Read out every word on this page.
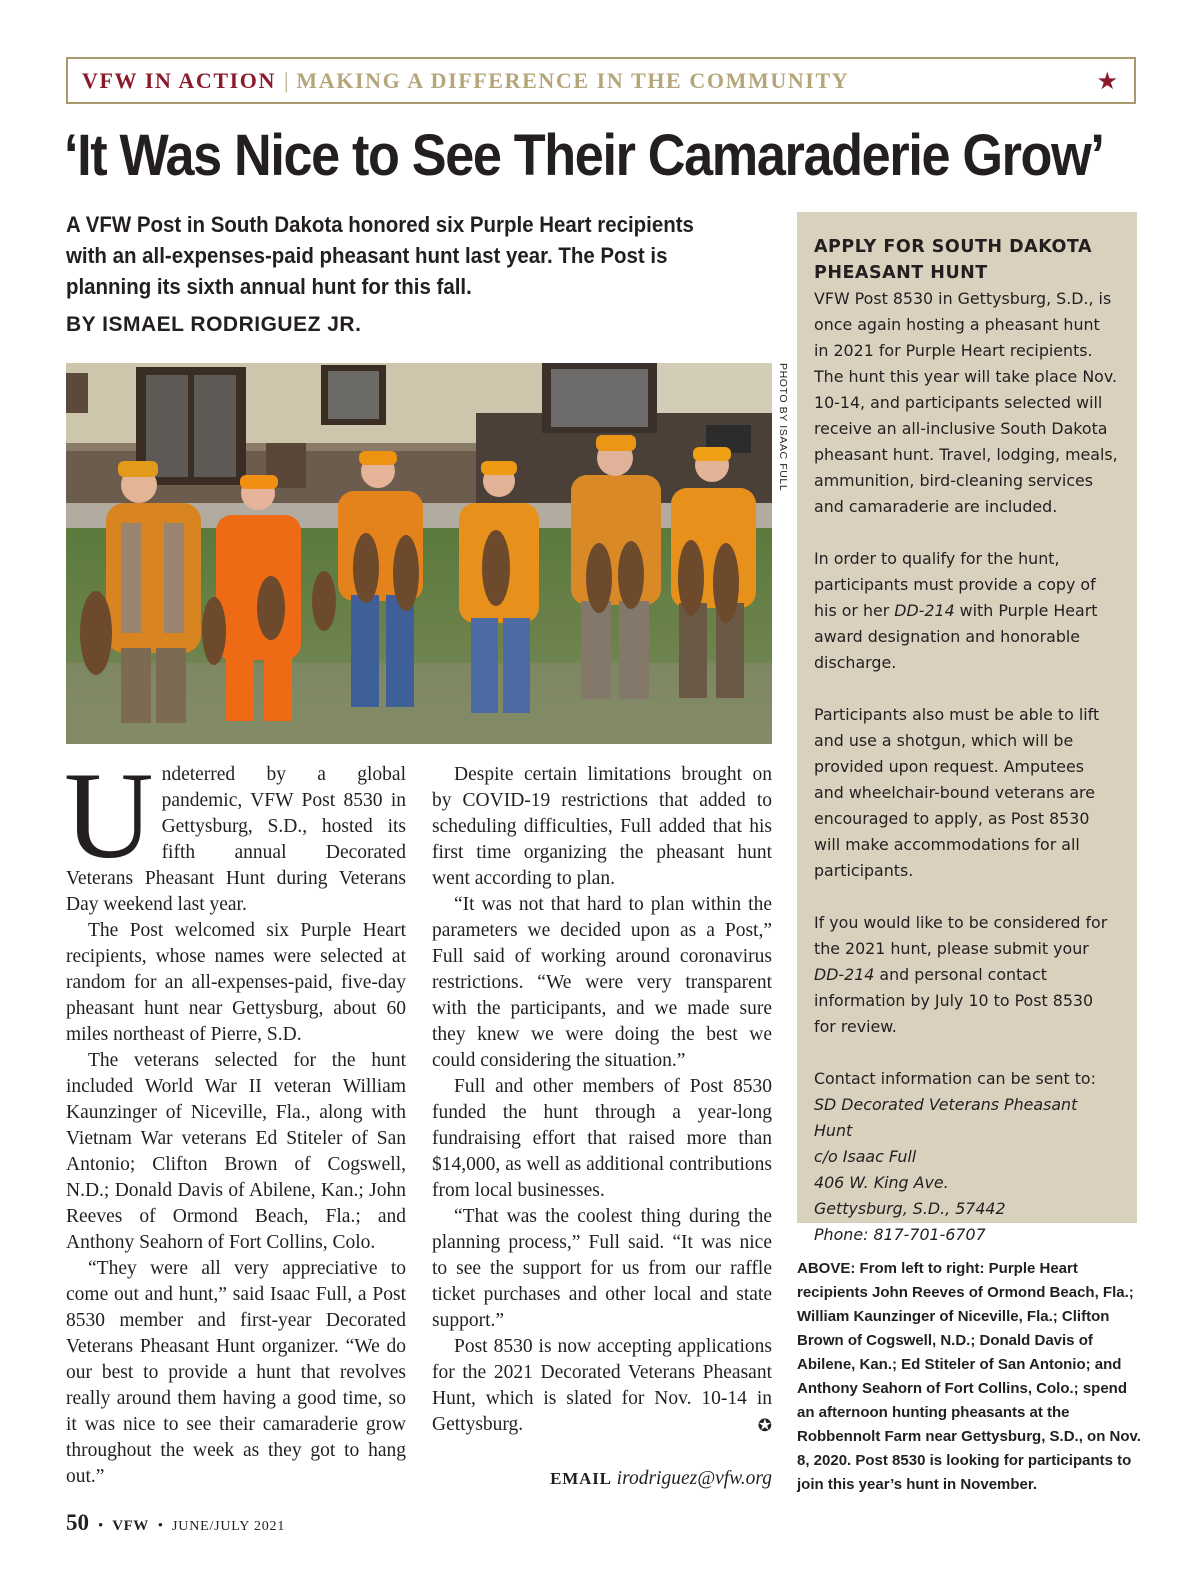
VFW IN ACTION | MAKING A DIFFERENCE IN THE COMMUNITY	★
‘It Was Nice to See Their Camaraderie Grow’
A VFW Post in South Dakota honored six Purple Heart recipients with an all-expenses-paid pheasant hunt last year. The Post is planning its sixth annual hunt for this fall.
BY ISMAEL RODRIGUEZ JR.
PHOTO BY ISAAC FULL
U ndeterred by a global pandemic, VFW Post 8530 in Gettysburg, S.D., hosted its fifth annual Decorated Veterans Pheasant Hunt during Veterans Day weekend last year.

The Post welcomed six Purple Heart recipients, whose names were selected at random for an all-expenses-paid, five-day pheasant hunt near Gettysburg, about 60 miles northeast of Pierre, S.D.

The veterans selected for the hunt included World War II veteran William Kaunzinger of Niceville, Fla., along with Vietnam War veterans Ed Stiteler of San Antonio; Clifton Brown of Cogswell, N.D.; Donald Davis of Abilene, Kan.; John Reeves of Ormond Beach, Fla.; and Anthony Seahorn of Fort Collins, Colo.

“They were all very appreciative to come out and hunt,” said Isaac Full, a Post 8530 member and first-year Decorated Veterans Pheasant Hunt organizer. “We do our best to provide a hunt that revolves really around them having a good time, so it was nice to see their camaraderie grow throughout the week as they got to hang out.”

Despite certain limitations brought on by COVID-19 restrictions that added to scheduling difficulties, Full added that his first time organizing the pheasant hunt went according to plan.

“It was not that hard to plan within the parameters we decided upon as a Post,” Full said of working around coronavirus restrictions. “We were very transparent with the participants, and we made sure they knew we were doing the best we could considering the situation.”

Full and other members of Post 8530 funded the hunt through a year-long fundraising effort that raised more than $14,000, as well as additional contributions from local businesses.

“That was the coolest thing during the planning process,” Full said. “It was nice to see the support for us from our raffle ticket purchases and other local and state support.”

Post 8530 is now accepting applications for the 2021 Decorated Veterans Pheasant Hunt, which is slated for Nov. 10-14 in Gettysburg.	✪

EMAIL irodriguez@vfw.org
APPLY FOR SOUTH DAKOTA PHEASANT HUNT
VFW Post 8530 in Gettysburg, S.D., is once again hosting a pheasant hunt in 2021 for Purple Heart recipients.
The hunt this year will take place Nov. 10-14, and participants selected will receive an all-inclusive South Dakota pheasant hunt. Travel, lodging, meals, ammunition, bird-cleaning services and camaraderie are included.
In order to qualify for the hunt, participants must provide a copy of his or her DD-214 with Purple Heart award designation and honorable discharge.
Participants also must be able to lift and use a shotgun, which will be provided upon request. Amputees and wheelchair-bound veterans are encouraged to apply, as Post 8530 will make accommodations for all participants.
If you would like to be considered for the 2021 hunt, please submit your DD-214 and personal contact information by July 10 to Post 8530 for review.
Contact information can be sent to:
SD Decorated Veterans Pheasant Hunt
c/o Isaac Full
406 W. King Ave.
Gettysburg, S.D., 57442
Phone: 817-701-6707
ABOVE: From left to right: Purple Heart recipients John Reeves of Ormond Beach, Fla.; William Kaunzinger of Niceville, Fla.; Clifton Brown of Cogswell, N.D.; Donald Davis of Abilene, Kan.; Ed Stiteler of San Antonio; and Anthony Seahorn of Fort Collins, Colo.; spend an afternoon hunting pheasants at the Robbennolt Farm near Gettysburg, S.D., on Nov. 8, 2020. Post 8530 is looking for participants to join this year’s hunt in November.
50 • VFW • JUNE/JULY 2021
